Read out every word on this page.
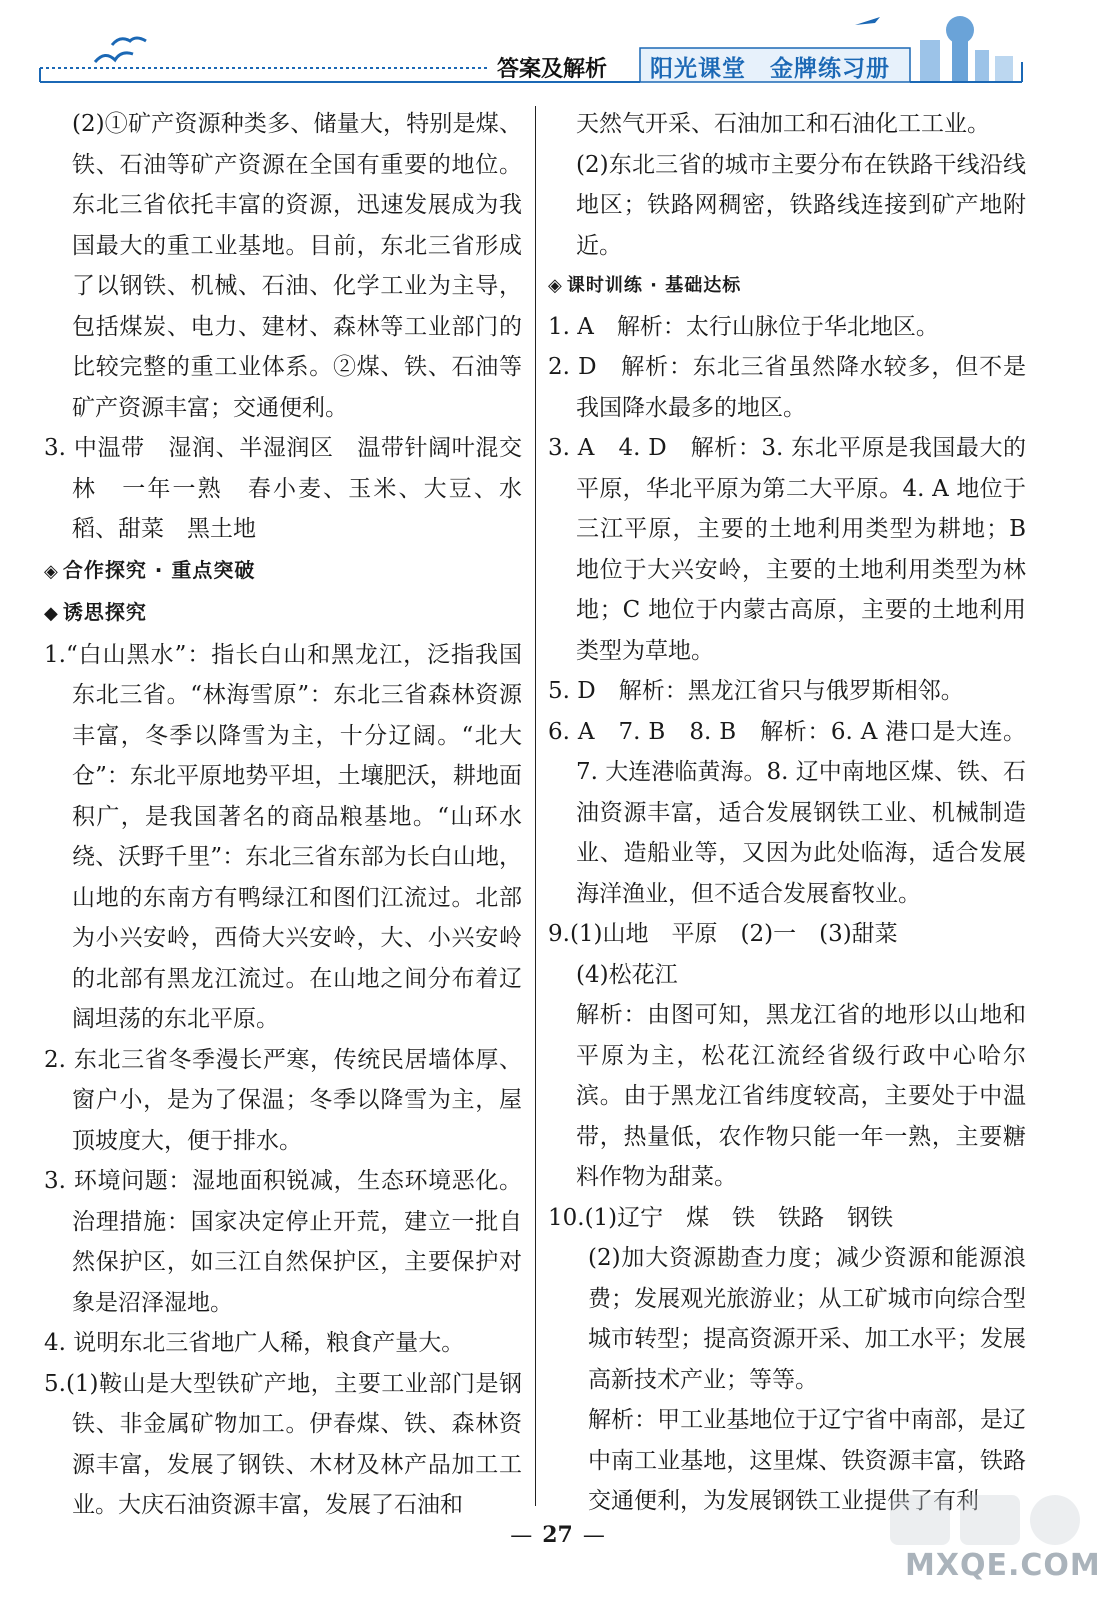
答案及解析 阳光课堂　金牌练习册

(2)①矿产资源种类多、储量大，特别是煤、铁、石油等矿产资源在全国有重要的地位。东北三省依托丰富的资源，迅速发展成为我国最大的重工业基地。目前，东北三省形成了以钢铁、机械、石油、化学工业为主导，包括煤炭、电力、建材、森林等工业部门的比较完整的重工业体系。②煤、铁、石油等矿产资源丰富；交通便利。

3. 中温带　湿润、半湿润区　温带针阔叶混交林　一年一熟　春小麦、玉米、大豆、水稻、甜菜　黑土地

◈ 合作探究 · 重点突破

◆ 诱思探究

1.“白山黑水”：指长白山和黑龙江，泛指我国东北三省。“林海雪原”：东北三省森林资源丰富，冬季以降雪为主，十分辽阔。“北大仓”：东北平原地势平坦，土壤肥沃，耕地面积广，是我国著名的商品粮基地。“山环水绕、沃野千里”：东北三省东部为长白山地，山地的东南方有鸭绿江和图们江流过。北部为小兴安岭，西倚大兴安岭，大、小兴安岭的北部有黑龙江流过。在山地之间分布着辽阔坦荡的东北平原。

2. 东北三省冬季漫长严寒，传统民居墙体厚、窗户小，是为了保温；冬季以降雪为主，屋顶坡度大，便于排水。

3. 环境问题：湿地面积锐减，生态环境恶化。治理措施：国家决定停止开荒，建立一批自然保护区，如三江自然保护区，主要保护对象是沼泽湿地。

4. 说明东北三省地广人稀，粮食产量大。

5.(1)鞍山是大型铁矿产地，主要工业部门是钢铁、非金属矿物加工。伊春煤、铁、森林资源丰富，发展了钢铁、木材及林产品加工工业。大庆石油资源丰富，发展了石油和

天然气开采、石油加工和石油化工工业。

(2)东北三省的城市主要分布在铁路干线沿线地区；铁路网稠密，铁路线连接到矿产地附近。

◈ 课时训练 · 基础达标

1. A　解析：太行山脉位于华北地区。

2. D　解析：东北三省虽然降水较多，但不是我国降水最多的地区。

3. A　4. D　解析：3. 东北平原是我国最大的平原，华北平原为第二大平原。4. A 地位于三江平原，主要的土地利用类型为耕地；B 地位于大兴安岭，主要的土地利用类型为林地；C 地位于内蒙古高原，主要的土地利用类型为草地。

5. D　解析：黑龙江省只与俄罗斯相邻。

6. A　7. B　8. B　解析：6. A 港口是大连。7. 大连港临黄海。8. 辽中南地区煤、铁、石油资源丰富，适合发展钢铁工业、机械制造业、造船业等，又因为此处临海，适合发展海洋渔业，但不适合发展畜牧业。

9.(1)山地　平原　(2)一　(3)甜菜

(4)松花江

解析：由图可知，黑龙江省的地形以山地和平原为主，松花江流经省级行政中心哈尔滨。由于黑龙江省纬度较高，主要处于中温带，热量低，农作物只能一年一熟，主要糖料作物为甜菜。

10.(1)辽宁　煤　铁　铁路　钢铁

(2)加大资源勘查力度；减少资源和能源浪费；发展观光旅游业；从工矿城市向综合型城市转型；提高资源开采、加工水平；发展高新技术产业；等等。

解析：甲工业基地位于辽宁省中南部，是辽中南工业基地，这里煤、铁资源丰富，铁路交通便利，为发展钢铁工业提供了有利

MXQE.COM
— 27 —
